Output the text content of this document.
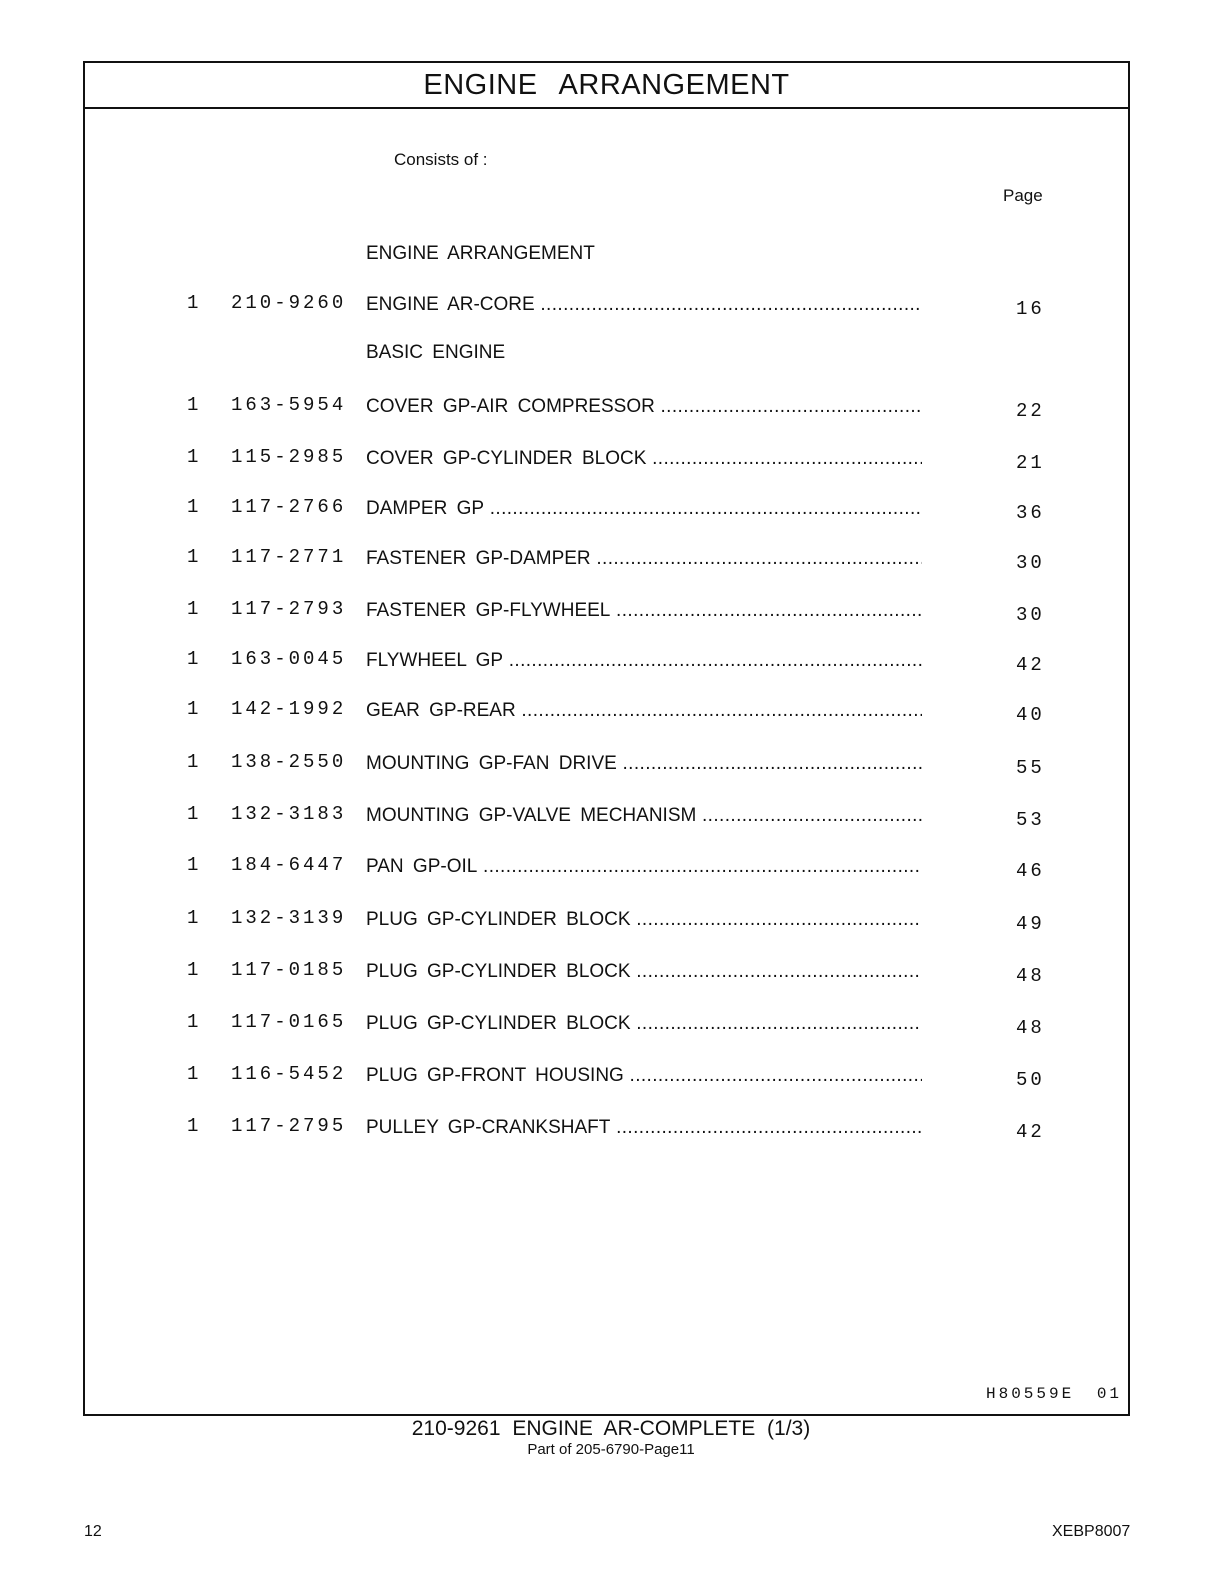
ENGINE ARRANGEMENT
Consists of :
Page
ENGINE ARRANGEMENT
1 210-9260 ENGINE AR-CORE .....	16
BASIC ENGINE
1 163-5954 COVER GP-AIR COMPRESSOR .....	22
1 115-2985 COVER GP-CYLINDER BLOCK .....	21
1 117-2766 DAMPER GP .....	36
1 117-2771 FASTENER GP-DAMPER .....	30
1 117-2793 FASTENER GP-FLYWHEEL .....	30
1 163-0045 FLYWHEEL GP .....	42
1 142-1992 GEAR GP-REAR .....	40
1 138-2550 MOUNTING GP-FAN DRIVE .....	55
1 132-3183 MOUNTING GP-VALVE MECHANISM .....	53
1 184-6447 PAN GP-OIL .....	46
1 132-3139 PLUG GP-CYLINDER BLOCK .....	49
1 117-0185 PLUG GP-CYLINDER BLOCK .....	48
1 117-0165 PLUG GP-CYLINDER BLOCK .....	48
1 116-5452 PLUG GP-FRONT HOUSING .....	50
1 117-2795 PULLEY GP-CRANKSHAFT .....	42
H80559E 01
210-9261 ENGINE AR-COMPLETE (1/3)
Part of 205-6790-Page11
12	XEBP8007
